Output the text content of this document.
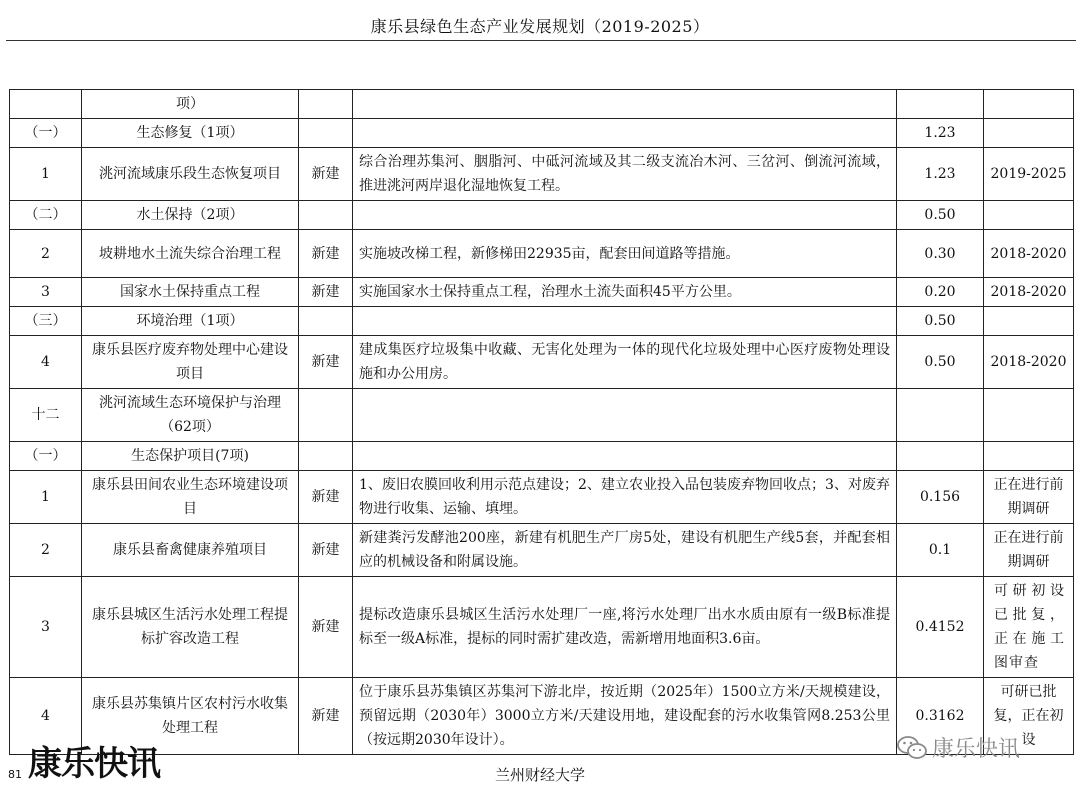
康乐县绿色生态产业发展规划（2019-2025）
	项）				
（一）	生态修复（1项）			1.23	
1	洮河流域康乐段生态恢复项目	新建	综合治理苏集河、胭脂河、中砥河流域及其二级支流冶木河、三岔河、倒流河流域，推进洮河两岸退化湿地恢复工程。	1.23	2019-2025
（二）	水土保持（2项）			0.50	
2	坡耕地水土流失综合治理工程	新建	实施坡改梯工程，新修梯田22935亩，配套田间道路等措施。	0.30	2018-2020
3	国家水土保持重点工程	新建	实施国家水士保持重点工程，治理水土流失面积45平方公里。	0.20	2018-2020
（三）	环境治理（1项）			0.50	
4	康乐县医疗废弃物处理中心建设项目	新建	建成集医疗垃圾集中收藏、无害化处理为一体的现代化垃圾处理中心医疗废物处理设施和办公用房。	0.50	2018-2020
十二	洮河流域生态环境保护与治理（62项）				
（一）	生态保护项目(7项)				
1	康乐县田间农业生态环境建设项目	新建	1、废旧农膜回收利用示范点建设；2、建立农业投入品包装废弃物回收点；3、对废弃物进行收集、运输、填埋。	0.156	正在进行前期调研
2	康乐县畜禽健康养殖项目	新建	新建粪污发酵池200座，新建有机肥生产厂房5处，建设有机肥生产线5套，并配套相应的机械设备和附属设施。	0.1	正在进行前期调研
3	康乐县城区生活污水处理工程提标扩容改造工程	新建	提标改造康乐县城区生活污水处理厂一座,将污水处理厂出水水质由原有一级B标准提标至一级A标准，提标的同时需扩建改造，需新增用地面积3.6亩。	0.4152	可研初设已批复，正在施工图审查
4	康乐县苏集镇片区农村污水收集处理工程	新建	位于康乐县苏集镇区苏集河下游北岸，按近期（2025年）1500立方米/天规模建设，预留远期（2030年）3000立方米/天建设用地，建设配套的污水收集管网8.253公里（按远期2030年设计）。	0.3162	可研已批复，正在初设
81 康乐快讯	兰州财经大学
康乐快讯
